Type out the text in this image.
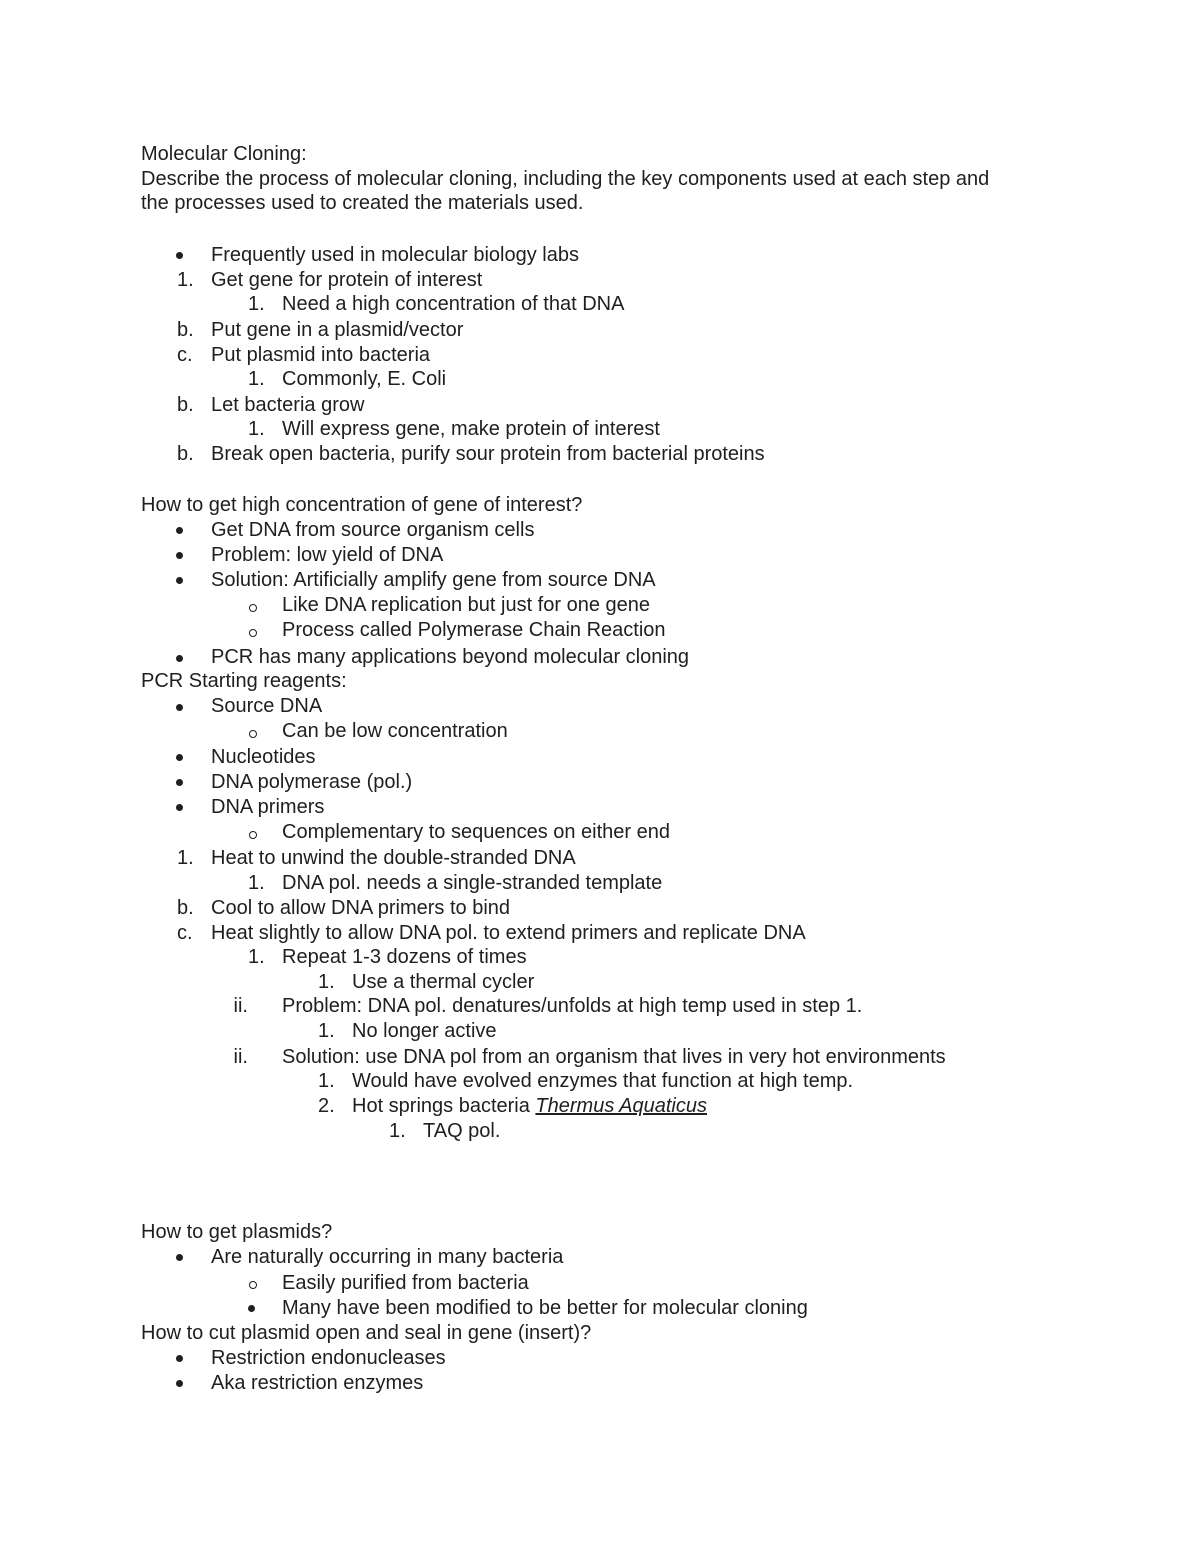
Molecular Cloning:
Describe the process of molecular cloning, including the key components used at each step and
the processes used to created the materials used.
Frequently used in molecular biology labs
1. Get gene for protein of interest
1. Need a high concentration of that DNA
b. Put gene in a plasmid/vector
c. Put plasmid into bacteria
1. Commonly, E. Coli
b. Let bacteria grow
1. Will express gene, make protein of interest
b. Break open bacteria, purify sour protein from bacterial proteins
How to get high concentration of gene of interest?
Get DNA from source organism cells
Problem: low yield of DNA
Solution: Artificially amplify gene from source DNA
Like DNA replication but just for one gene
Process called Polymerase Chain Reaction
PCR has many applications beyond molecular cloning
PCR Starting reagents:
Source DNA
Can be low concentration
Nucleotides
DNA polymerase (pol.)
DNA primers
Complementary to sequences on either end
1. Heat to unwind the double-stranded DNA
1. DNA pol. needs a single-stranded template
b. Cool to allow DNA primers to bind
c. Heat slightly to allow DNA pol. to extend primers and replicate DNA
1. Repeat 1-3 dozens of times
1. Use a thermal cycler
ii. Problem: DNA pol. denatures/unfolds at high temp used in step 1.
1. No longer active
ii. Solution: use DNA pol from an organism that lives in very hot environments
1. Would have evolved enzymes that function at high temp.
2. Hot springs bacteria Thermus Aquaticus
1. TAQ pol.
How to get plasmids?
Are naturally occurring in many bacteria
Easily purified from bacteria
Many have been modified to be better for molecular cloning
How to cut plasmid open and seal in gene (insert)?
Restriction endonucleases
Aka restriction enzymes
